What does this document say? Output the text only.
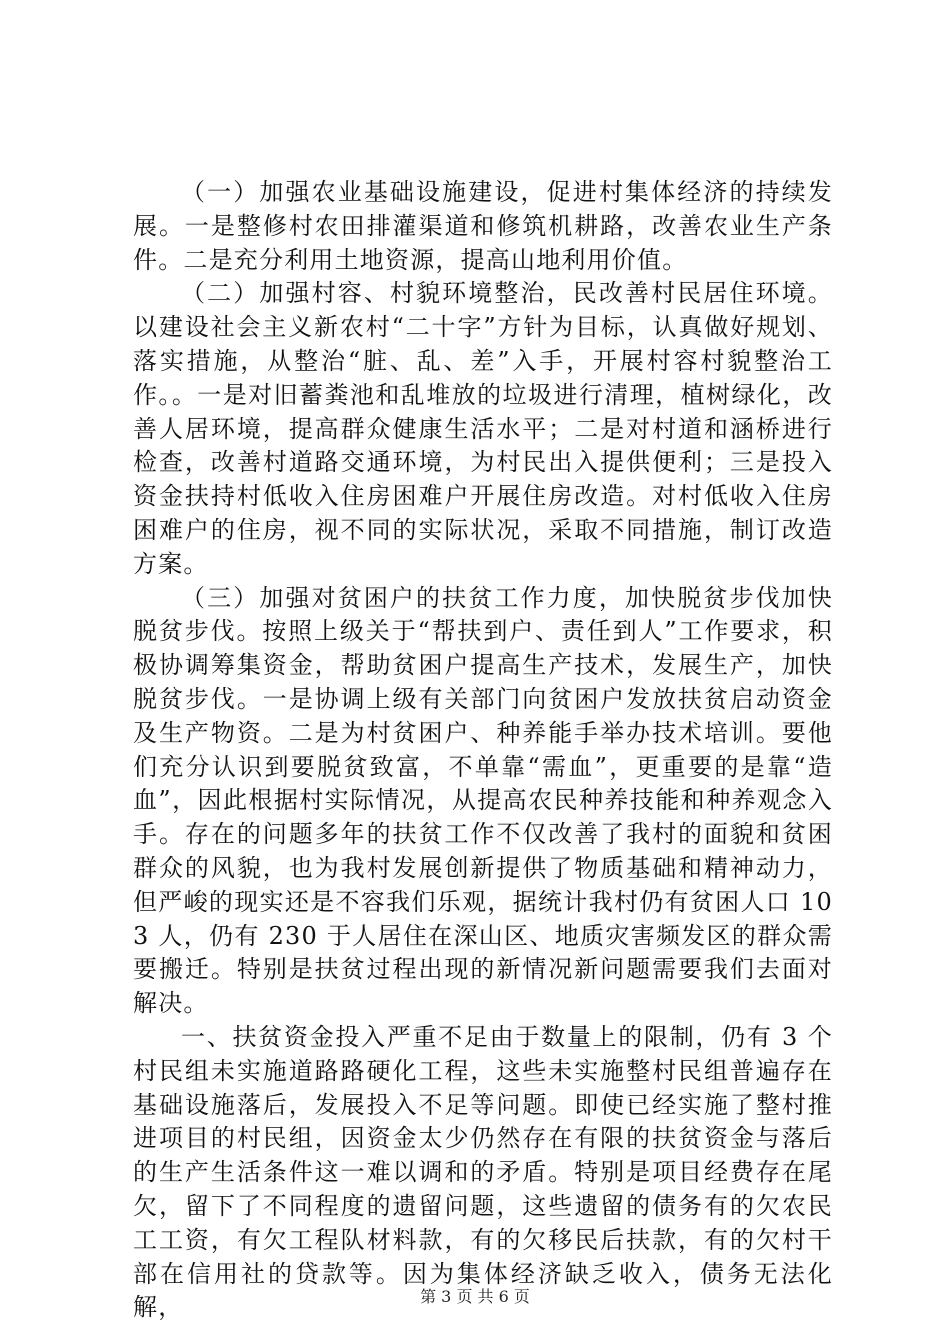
（一）加强农业基础设施建设，促进村集体经济的持续发展。一是整修村农田排灌渠道和修筑机耕路，改善农业生产条件。二是充分利用土地资源，提高山地利用价值。

（二）加强村容、村貌环境整治，民改善村民居住环境。以建设社会主义新农村“二十字”方针为目标，认真做好规划、落实措施，从整治“脏、乱、差”入手，开展村容村貌整治工作。。一是对旧蓄粪池和乱堆放的垃圾进行清理，植树绿化，改善人居环境，提高群众健康生活水平；二是对村道和涵桥进行检查，改善村道路交通环境，为村民出入提供便利；三是投入资金扶持村低收入住房困难户开展住房改造。对村低收入住房困难户的住房，视不同的实际状况，采取不同措施，制订改造方案。

（三）加强对贫困户的扶贫工作力度，加快脱贫步伐加快脱贫步伐。按照上级关于“帮扶到户、责任到人”工作要求，积极协调筹集资金，帮助贫困户提高生产技术，发展生产，加快脱贫步伐。一是协调上级有关部门向贫困户发放扶贫启动资金及生产物资。二是为村贫困户、种养能手举办技术培训。要他们充分认识到要脱贫致富，不单靠“需血”，更重要的是靠“造血”，因此根据村实际情况，从提高农民种养技能和种养观念入手。存在的问题多年的扶贫工作不仅改善了我村的面貌和贫困群众的风貌，也为我村发展创新提供了物质基础和精神动力，但严峻的现实还是不容我们乐观，据统计我村仍有贫困人口 103 人，仍有 230 于人居住在深山区、地质灾害频发区的群众需要搬迁。特别是扶贫过程出现的新情况新问题需要我们去面对解决。

一、扶贫资金投入严重不足由于数量上的限制，仍有 3 个村民组未实施道路路硬化工程，这些未实施整村民组普遍存在基础设施落后，发展投入不足等问题。即使已经实施了整村推进项目的村民组，因资金太少仍然存在有限的扶贫资金与落后的生产生活条件这一难以调和的矛盾。特别是项目经费存在尾欠，留下了不同程度的遗留问题，这些遗留的债务有的欠农民工工资，有欠工程队材料款，有的欠移民后扶款，有的欠村干部在信用社的贷款等。因为集体经济缺乏收入，债务无法化解，	第 3 页 共 6 页
